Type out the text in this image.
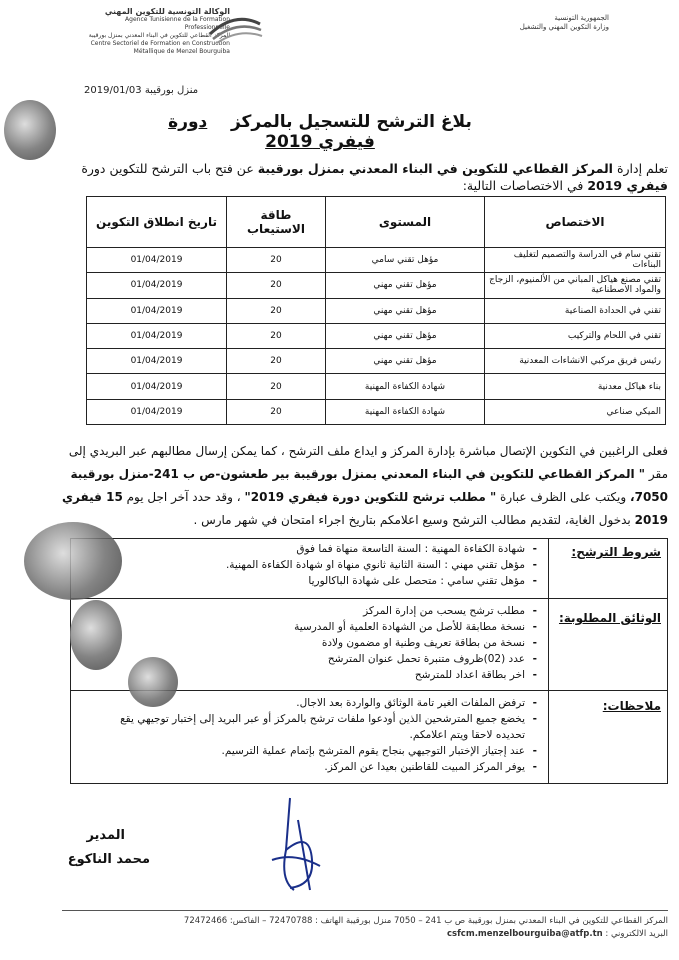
الوكالة التونسية للتكوين المهني
Agence Tunisienne de la Formation Professionnelle
المركز القطاعي للتكوين في البناء المعدني بمنزل بورقيبة
Centre Sectoriel de Formation en Construction Métallique de Menzel Bourguiba
الجمهورية التونسية
وزارة التكوين المهني والتشغيل
منزل بورقيبة 2019/01/03
بلاغ الترشح للتسجيل بالمركز    دورة فيفري 2019
تعلم إدارة المركز القطاعي للتكوين في البناء المعدني بمنزل بورقيبة عن فتح باب الترشح للتكوين دورة فيفري 2019 في الاختصاصات التالية:
الاختصاص	المستوى	طاقة الاستيعاب	تاريخ انطلاق التكوين
تقني سام في الدراسة والتصميم لتغليف البناءات	مؤهل تقني سامي	20	01/04/2019
تقني مصنع هياكل المباني من الألمنيوم، الزجاج والمواد الاصطناعية	مؤهل تقني مهني	20	01/04/2019
تقني في الحدادة الصناعية	مؤهل تقني مهني	20	01/04/2019
تقني في اللحام والتركيب	مؤهل تقني مهني	20	01/04/2019
رئيس فريق مركبي الانشاءات المعدنية	مؤهل تقني مهني	20	01/04/2019
بناء هياكل معدنية	شهادة الكفاءة المهنية	20	01/04/2019
الميكي صناعي	شهادة الكفاءة المهنية	20	01/04/2019
فعلى الراغبين في التكوين الإتصال مباشرة بإدارة المركز و ايداع ملف الترشح ، كما يمكن إرسال مطالبهم عبر البريدي إلى مقر " المركز القطاعي للتكوين في البناء المعدني بمنزل بورقيبة بير طعشون-ص ب 241-منزل بورقيبة 7050، ويكتب على الظرف عبارة " مطلب ترشح للتكوين دورة فيفري 2019" ، وقد حدد آخر اجل يوم 15 فيفري 2019 بدخول الغاية، لتقديم مطالب الترشح وسيع اعلامكم بتاريخ اجراء امتحان في شهر مارس .
شروط الترشح:
- شهادة الكفاءة المهنية : السنة التاسعة منهاة فما فوق
- مؤهل تقني مهني : السنة الثانية ثانوي منهاة او شهادة الكفاءة المهنية.
- مؤهل تقني سامي : متحصل على شهادة الباكالوريا
الوثائق المطلوبة:
- مطلب ترشح يسحب من إدارة المركز
- نسخة مطابقة للأصل من الشهادة العلمية أو المدرسية
- نسخة من بطاقة تعريف وطنية او مضمون ولادة
- عدد (02)ظروف متنبرة تحمل عنوان المترشح
- اخر بطاقة اعداد للمترشح
ملاحظات:
- ترفض الملفات الغير تامة الوثائق والواردة بعد الاجال.
- يخضع جميع المترشحين الذين أودعوا ملفات ترشح بالمركز أو عبر البريد إلى إختبار توجيهي يقع تحديده لاحقا ويتم اعلامكم.
- عند إجتياز الإختبار التوجيهي بنجاح يقوم المترشح بإتمام عملية الترسيم.
- يوفر المركز المبيت للقاطنين بعيدا عن المركز.
المدير
محمد الناكوع
المركز القطاعي للتكوين في البناء المعدني بمنزل بورقيبة ص ب 241 – 7050 منزل بورقيبة الهاتف : 72470788 – الفاكس: 72472466
البريد الالكتروني : csfcm.menzelbourguiba@atfp.tn
